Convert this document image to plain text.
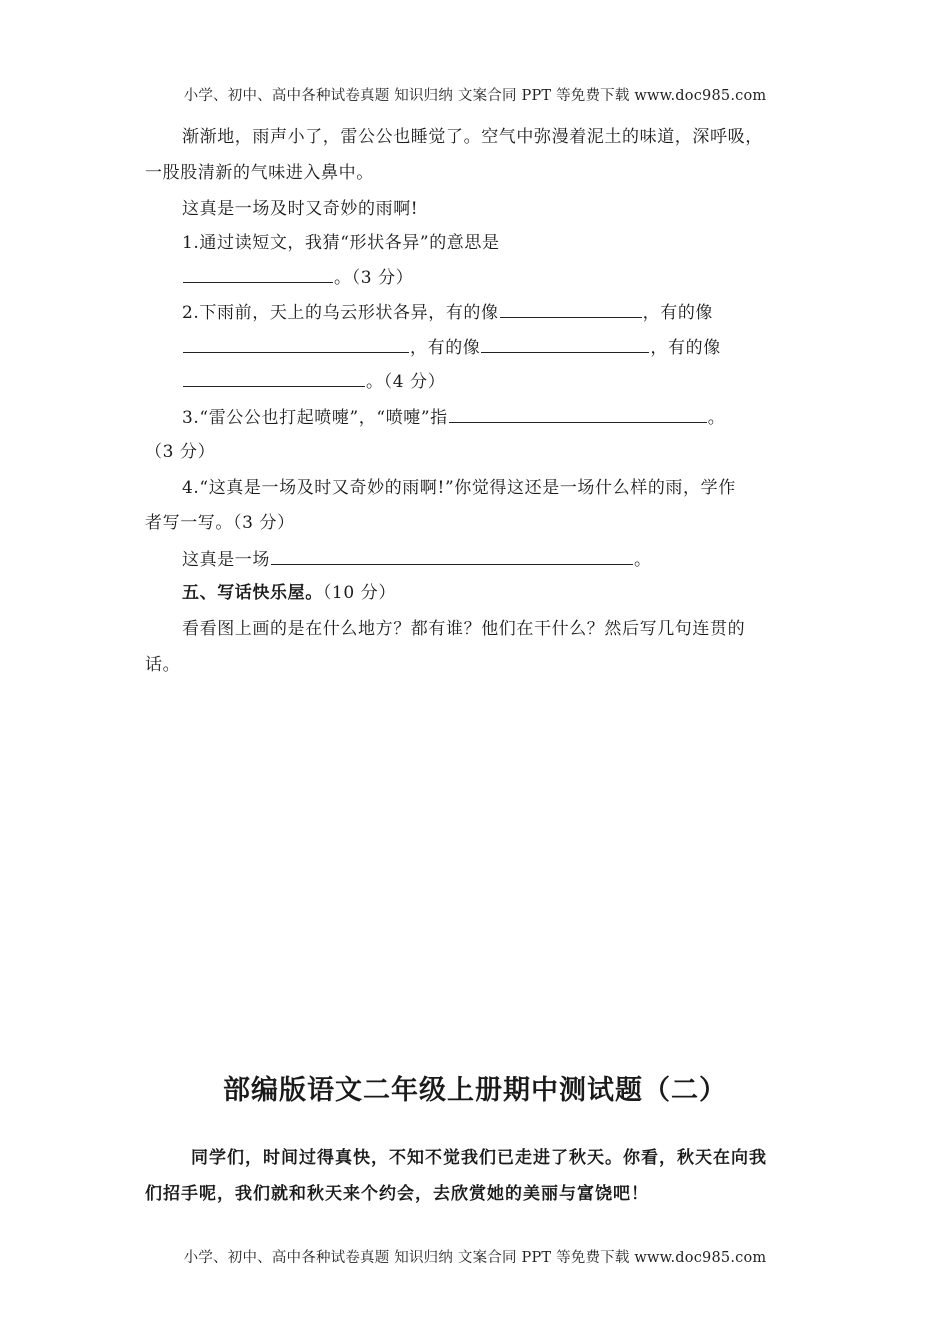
小学、初中、高中各种试卷真题 知识归纳 文案合同 PPT 等免费下载 www.doc985.com
渐渐地，雨声小了，雷公公也睡觉了。空气中弥漫着泥土的味道，深呼吸，
一股股清新的气味进入鼻中。
这真是一场及时又奇妙的雨啊!
1.通过读短文，我猜“形状各异”的意思是
。（3 分）
2.下雨前，天上的乌云形状各异，有的像	，有的像
，有的像	，有的像
。（4 分）
3.“雷公公也打起喷嚏”，“喷嚏”指	。
（3 分）
4.“这真是一场及时又奇妙的雨啊!”你觉得这还是一场什么样的雨，学作
者写一写。（3 分）
这真是一场	。
五、写话快乐屋。（10 分）
看看图上画的是在什么地方？都有谁？他们在干什么？然后写几句连贯的
话。
部编版语文二年级上册期中测试题（二）
同学们，时间过得真快，不知不觉我们已走进了秋天。你看，秋天在向我
们招手呢，我们就和秋天来个约会，去欣赏她的美丽与富饶吧！
小学、初中、高中各种试卷真题 知识归纳 文案合同 PPT 等免费下载 www.doc985.com
